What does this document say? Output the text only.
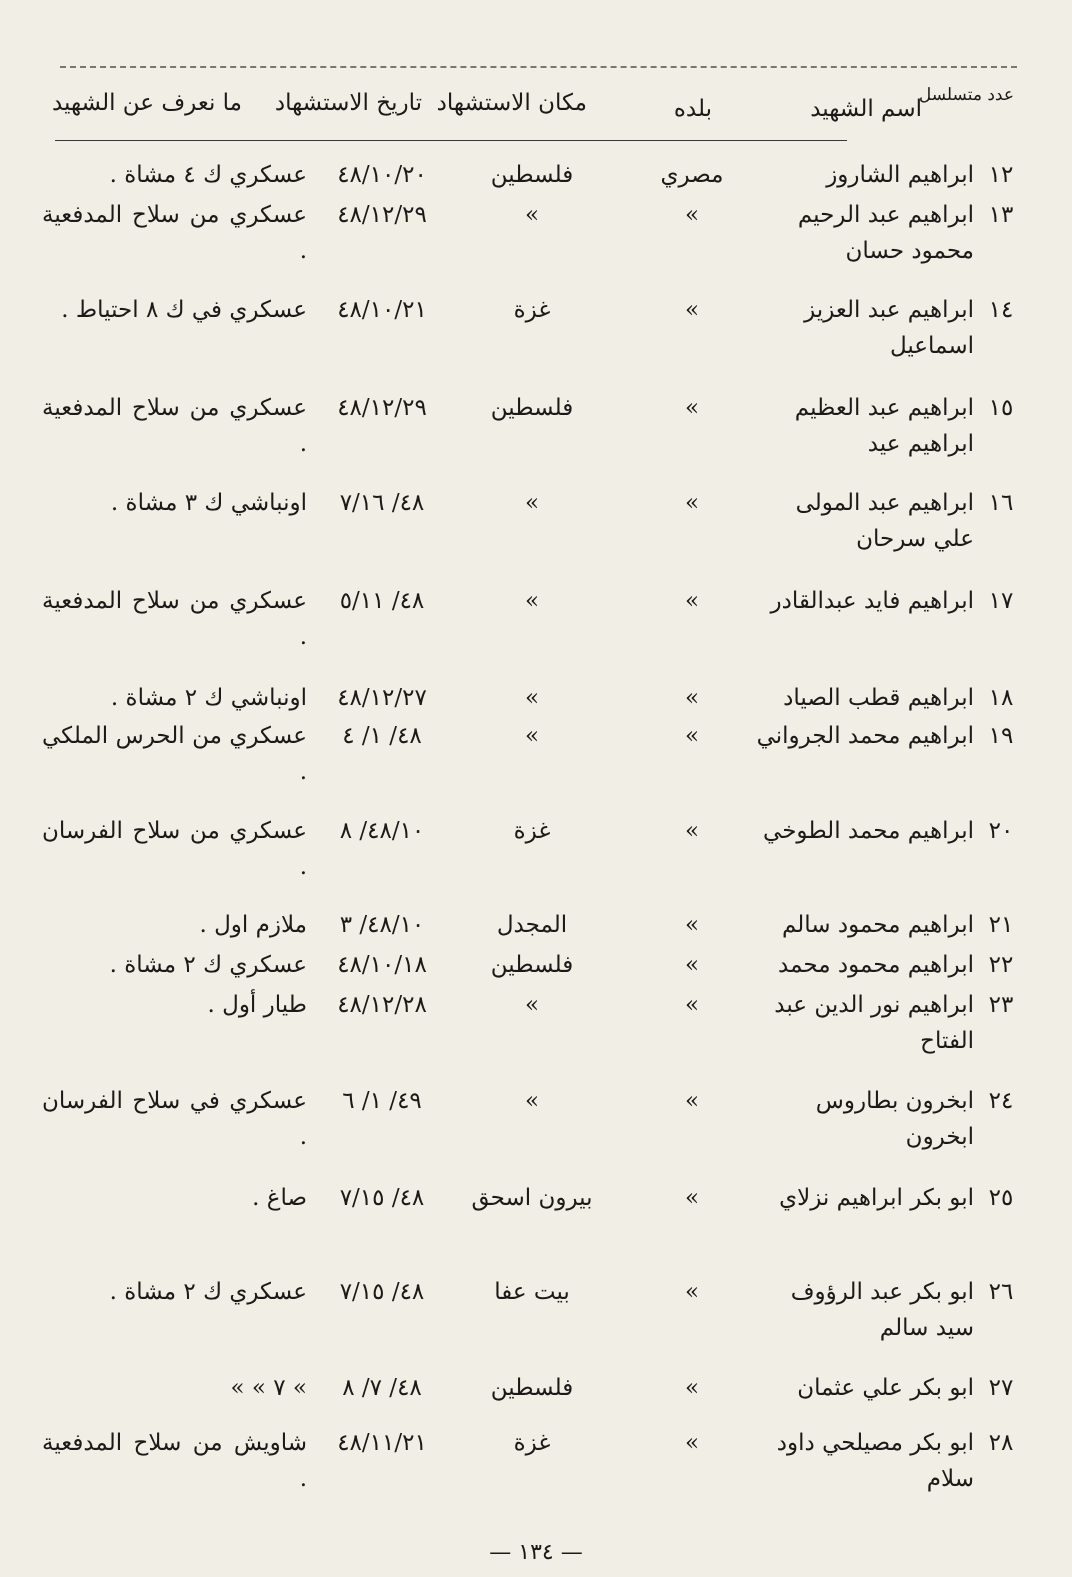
عدد متسلسل
اسم الشهيد
بلده
مكان الاستشهاد
تاريخ الاستشهاد
ما نعرف عن الشهيد
١٢
ابراهيم الشاروز
مصري
فلسطين
٤٨/١٠/٢٠
عسكري ك ٤ مشاة .
١٣
ابراهيم عبد الرحيم محمود حسان
»
»
٤٨/١٢/٢٩
عسكري من سلاح المدفعية .
١٤
ابراهيم عبد العزيز اسماعيل
»
غزة
٤٨/١٠/٢١
عسكري في ك ٨ احتياط .
١٥
ابراهيم عبد العظيم ابراهيم عيد
»
فلسطين
٤٨/١٢/٢٩
عسكري من سلاح المدفعية .
١٦
ابراهيم عبد المولى علي سرحان
»
»
٤٨/ ٧/١٦
اونباشي ك ٣ مشاة .
١٧
ابراهيم فايد عبدالقادر
»
»
٤٨/ ٥/١١
عسكري من سلاح المدفعية .
١٨
ابراهيم قطب الصياد
»
»
٤٨/١٢/٢٧
اونباشي ك ٢ مشاة .
١٩
ابراهيم محمد الجرواني
»
»
٤٨/ ١/ ٤
عسكري من الحرس الملكي .
٢٠
ابراهيم محمد الطوخي
»
غزة
٤٨/١٠/ ٨
عسكري من سلاح الفرسان .
٢١
ابراهيم محمود سالم
»
المجدل
٤٨/١٠/ ٣
ملازم اول .
٢٢
ابراهيم محمود محمد
»
فلسطين
٤٨/١٠/١٨
عسكري ك ٢ مشاة .
٢٣
ابراهيم نور الدين عبد الفتاح
»
»
٤٨/١٢/٢٨
طيار أول .
٢٤
ابخرون بطاروس ابخرون
»
»
٤٩/ ١/ ٦
عسكري في سلاح الفرسان .
٢٥
ابو بكر ابراهيم نزلاي
»
بيرون اسحق
٤٨/ ٧/١٥
صاغ .
٢٦
ابو بكر عبد الرؤوف سيد سالم
»
بيت عفا
٤٨/ ٧/١٥
عسكري ك ٢ مشاة .
٢٧
ابو بكر علي عثمان
»
فلسطين
٤٨/ ٧/ ٨
» ٧ » »
٢٨
ابو بكر مصيلحي داود سلام
»
غزة
٤٨/١١/٢١
شاويش من سلاح المدفعية .
— ١٣٤ —
